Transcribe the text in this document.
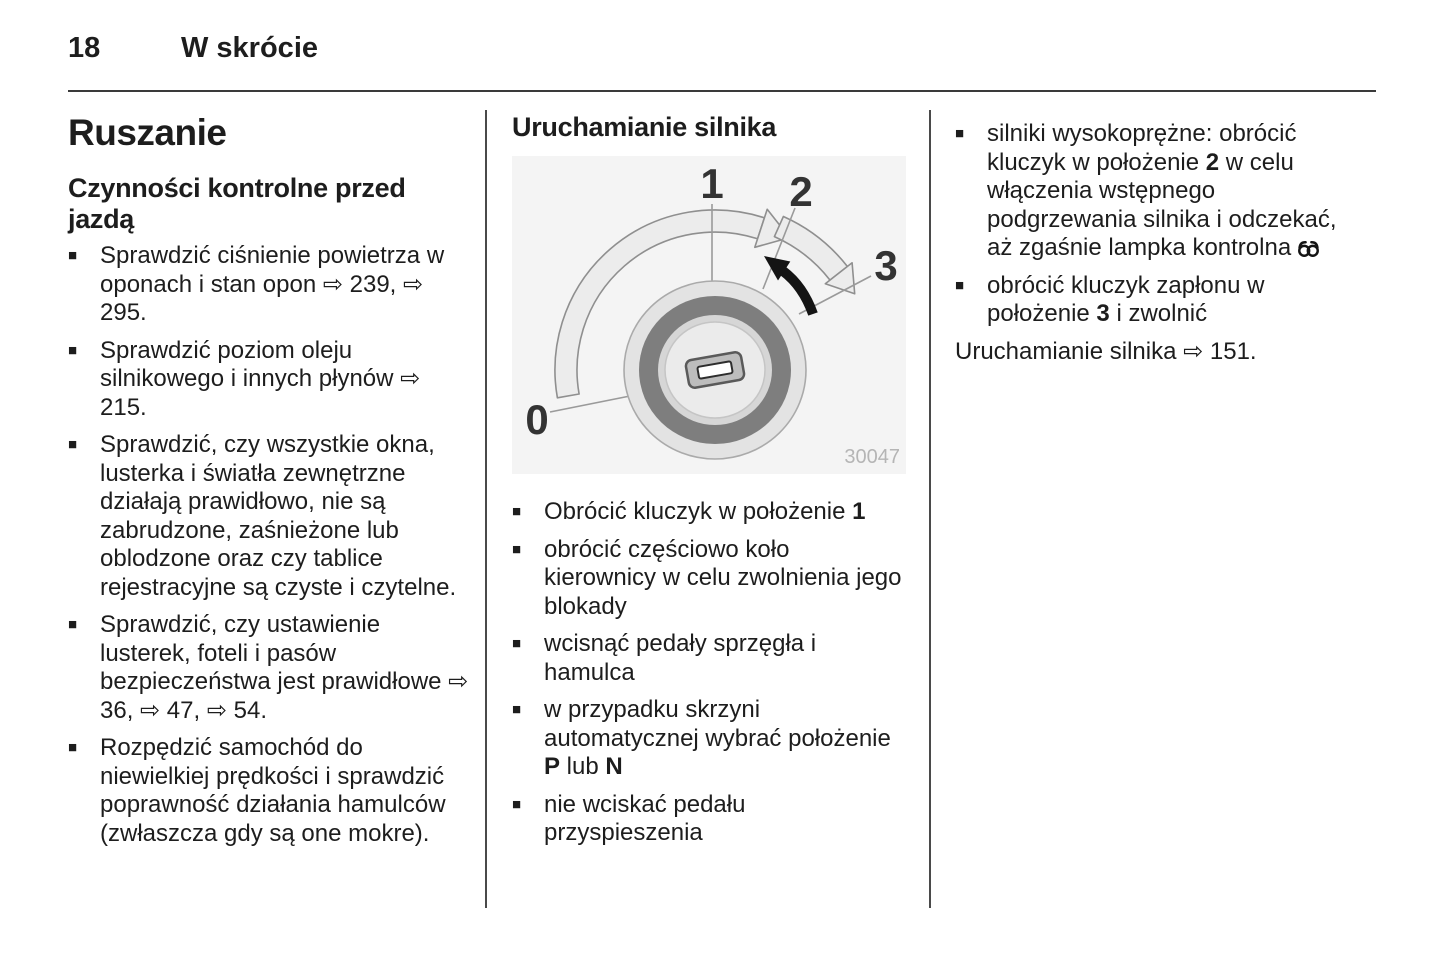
18	W skrócie
Ruszanie
Czynności kontrolne przed jazdą
■ Sprawdzić ciśnienie powietrza w oponach i stan opon ⇨ 239, ⇨ 295.
■ Sprawdzić poziom oleju silnikowego i innych płynów ⇨ 215.
■ Sprawdzić, czy wszystkie okna, lusterka i światła zewnętrzne działają prawidłowo, nie są zabrudzone, zaśnieżone lub oblodzone oraz czy tablice rejestracyjne są czyste i czytelne.
■ Sprawdzić, czy ustawienie lusterek, foteli i pasów bezpieczeństwa jest prawidłowe ⇨ 36, ⇨ 47, ⇨ 54.
■ Rozpędzić samochód do niewielkiej prędkości i sprawdzić poprawność działania hamulców (zwłaszcza gdy są one mokre).
Uruchamianie silnika
1 2
3
0
30047
■ Obrócić kluczyk w położenie 1
■ obrócić częściowo koło kierownicy w celu zwolnienia jego blokady
■ wcisnąć pedały sprzęgła i hamulca
■ w przypadku skrzyni automatycznej wybrać położenie P lub N
■ nie wciskać pedału przyspieszenia
■ silniki wysokoprężne: obrócić kluczyk w położenie 2 w celu włączenia wstępnego podgrzewania silnika i odczekać, aż zgaśnie lampka kontrolna
■ obrócić kluczyk zapłonu w położenie 3 i zwolnić

Uruchamianie silnika ⇨ 151.
